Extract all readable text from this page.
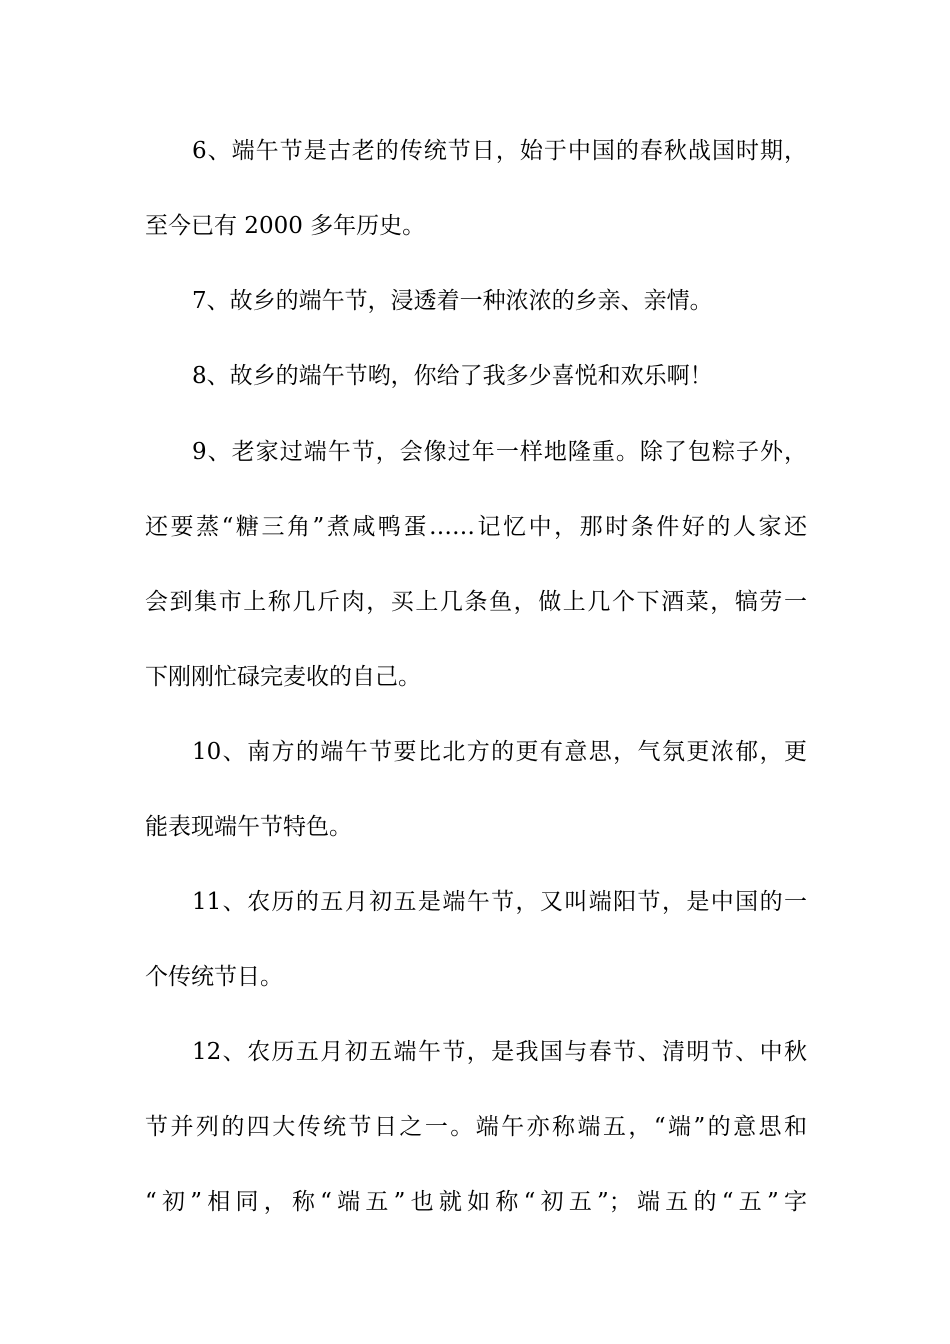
6、端午节是古老的传统节日，始于中国的春秋战国时期，

至今已有 2000 多年历史。

7、故乡的端午节，浸透着一种浓浓的乡亲、亲情。

8、故乡的端午节哟，你给了我多少喜悦和欢乐啊！

9、老家过端午节，会像过年一样地隆重。除了包粽子外，

还要蒸“糖三角”煮咸鸭蛋……记忆中，那时条件好的人家还

会到集市上称几斤肉，买上几条鱼，做上几个下酒菜，犒劳一

下刚刚忙碌完麦收的自己。

10、南方的端午节要比北方的更有意思，气氛更浓郁，更

能表现端午节特色。

11、农历的五月初五是端午节，又叫端阳节，是中国的一

个传统节日。

12、农历五月初五端午节，是我国与春节、清明节、中秋

节并列的四大传统节日之一。端午亦称端五，“端”的意思和

“初”相同，称“端五”也就如称“初五”；端五的“五”字
